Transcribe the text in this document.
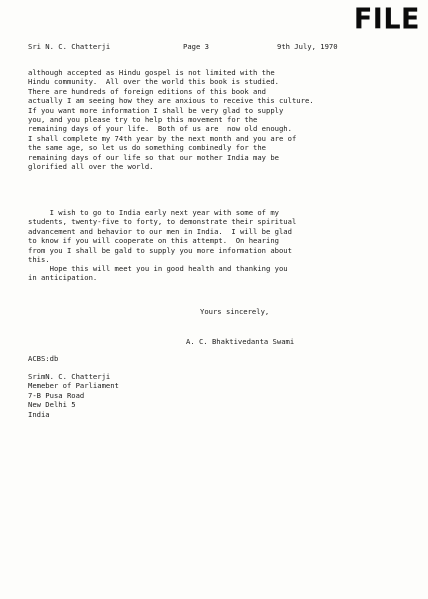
FILE
Sri N. C. Chatterji	Page 3	9th July, 1970
although accepted as Hindu gospel is not limited with the
Hindu community.  All over the world this book is studied.
There are hundreds of foreign editions of this book and
actually I am seeing how they are anxious to receive this culture.
If you want more information I shall be very glad to supply
you, and you please try to help this movement for the
remaining days of your life.  Both of us are  now old enough.
I shall complete my 74th year by the next month and you are of
the same age, so let us do something combinedly for the
remaining days of our life so that our mother India may be
glorified all over the world.
I wish to go to India early next year with some of my
students, twenty-five to forty, to demonstrate their spiritual
advancement and behavior to our men in India.  I will be glad
to know if you will cooperate on this attempt.  On hearing
from you I shall be gald to supply you more information about
this.
Hope this will meet you in good health and thanking you
in anticipation.
Yours sincerely,
A. C. Bhaktivedanta Swami
ACBS:db
SrimN. C. Chatterji
Memeber of Parliament
7-B Pusa Road
New Delhi 5
India
